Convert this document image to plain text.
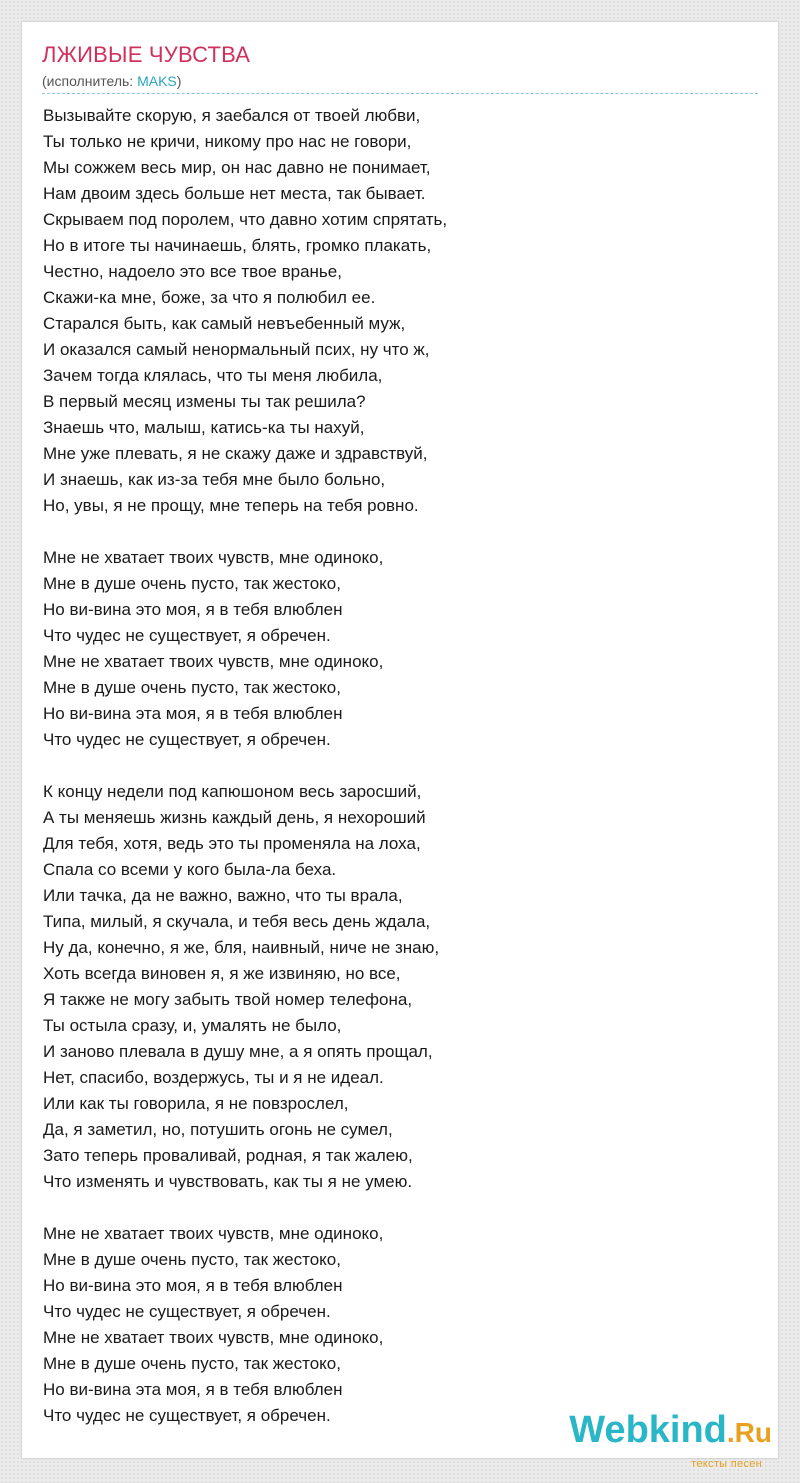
ЛЖИВЫЕ ЧУВСТВА
(исполнитель: MAKS)
Вызывайте скорую, я заебался от твоей любви,
Ты только не кричи, никому про нас не говори,
Мы сожжем весь мир, он нас давно не понимает,
Нам двоим здесь больше нет места, так бывает.
Скрываем под поролем, что давно хотим спрятать,
Но в итоге ты начинаешь, блять, громко плакать,
Честно, надоело это все твое вранье,
Скажи-ка мне, боже, за что я полюбил ее.
Старался быть, как самый невъебенный муж,
И оказался самый ненормальный псих, ну что ж,
Зачем тогда клялась, что ты меня любила,
В первый месяц измены ты так решила?
Знаешь что, малыш, катись-ка ты нахуй,
Мне уже плевать, я не скажу даже и здравствуй,
И знаешь, как из-за тебя мне было больно,
Но, увы, я не прощу, мне теперь на тебя ровно.
Мне не хватает твоих чувств, мне одиноко,
Мне в душе очень пусто, так жестоко,
Но ви-вина это моя, я в тебя влюблен
Что чудес не существует, я обречен.
Мне не хватает твоих чувств, мне одиноко,
Мне в душе очень пусто, так жестоко,
Но ви-вина эта моя, я в тебя влюблен
Что чудес не существует, я обречен.
К концу недели под капюшоном весь заросший,
А ты меняешь жизнь каждый день, я нехороший
Для тебя, хотя, ведь это ты променяла на лоха,
Спала со всеми у кого была-ла беха.
Или тачка, да не важно, важно, что ты врала,
Типа, милый, я скучала, и тебя весь день ждала,
Ну да, конечно, я же, бля, наивный, ниче не знаю,
Хоть всегда виновен я, я же извиняю, но все,
Я также не могу забыть твой номер телефона,
Ты остыла сразу, и, умалять не было,
И заново плевала в душу мне, а я опять прощал,
Нет, спасибо, воздержусь, ты и я не идеал.
Или как ты говорила, я не повзрослел,
Да, я заметил, но, потушить огонь не сумел,
Зато теперь проваливай, родная, я так жалею,
Что изменять и чувствовать, как ты я не умею.
Мне не хватает твоих чувств, мне одиноко,
Мне в душе очень пусто, так жестоко,
Но ви-вина это моя, я в тебя влюблен
Что чудес не существует, я обречен.
Мне не хватает твоих чувств, мне одиноко,
Мне в душе очень пусто, так жестоко,
Но ви-вина эта моя, я в тебя влюблен
Что чудес не существует, я обречен.	Webkind.Ru
тексты песен
